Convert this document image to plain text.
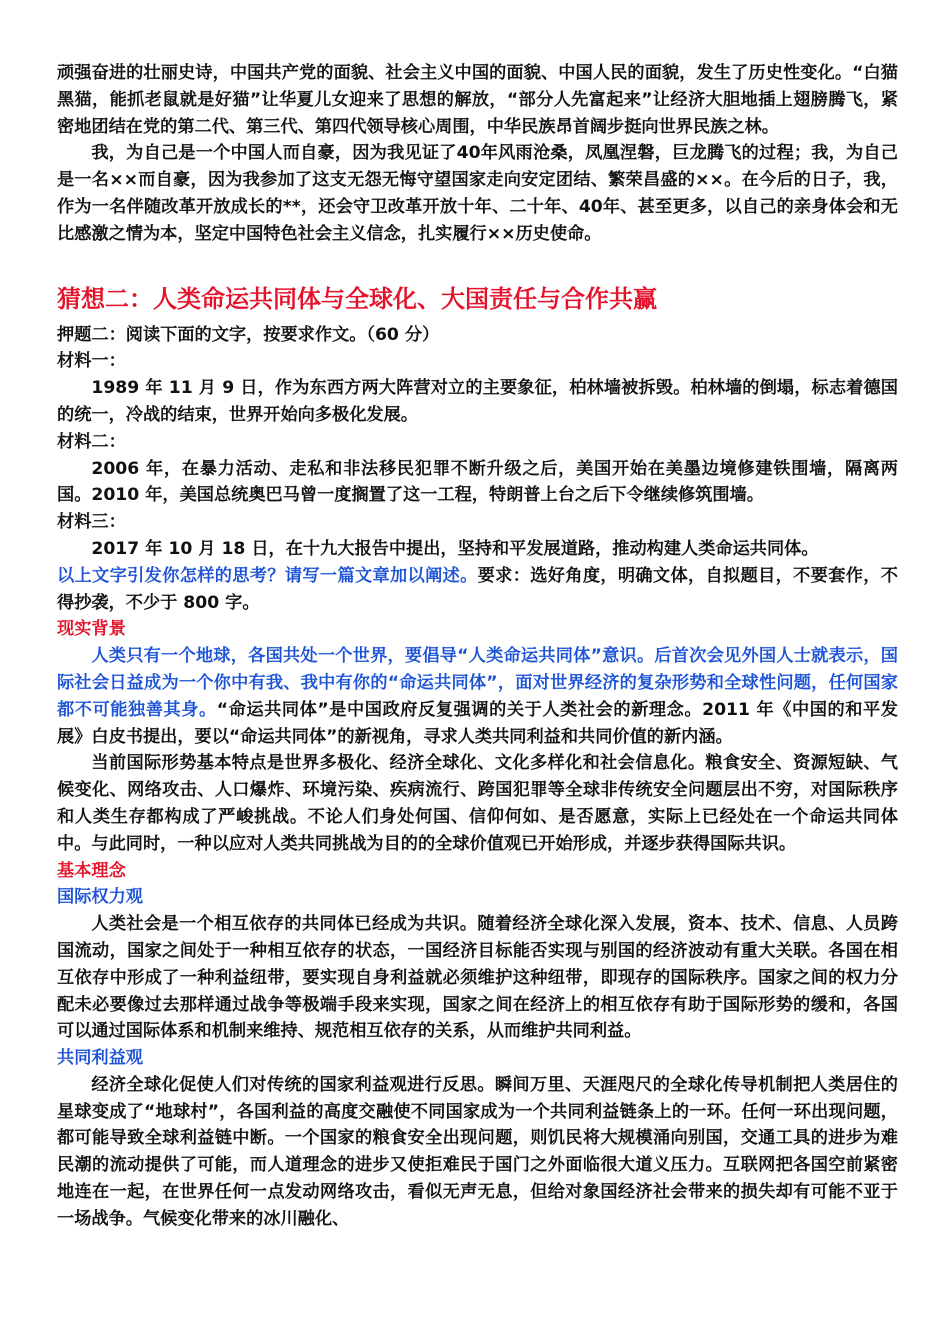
顽强奋进的壮丽史诗，中国共产党的面貌、社会主义中国的面貌、中国人民的面貌，发生了历史性变化。“白猫黑猫，能抓老鼠就是好猫”让华夏儿女迎来了思想的解放，“部分人先富起来”让经济大胆地插上翅膀腾飞，紧密地团结在党的第二代、第三代、第四代领导核心周围，中华民族昂首阔步挺向世界民族之林。

我，为自己是一个中国人而自豪，因为我见证了40年风雨沧桑，凤凰涅磐，巨龙腾飞的过程；我，为自己是一名××而自豪，因为我参加了这支无怨无悔守望国家走向安定团结、繁荣昌盛的××。在今后的日子，我，作为一名伴随改革开放成长的**，还会守卫改革开放十年、二十年、40年、甚至更多，以自己的亲身体会和无比感激之情为本，坚定中国特色社会主义信念，扎实履行××历史使命。

猜想二：人类命运共同体与全球化、大国责任与合作共赢

押题二：阅读下面的文字，按要求作文。（60 分）

材料一：

1989 年 11 月 9 日，作为东西方两大阵营对立的主要象征，柏林墙被拆毁。柏林墙的倒塌，标志着德国的统一，冷战的结束，世界开始向多极化发展。

材料二：

2006 年，在暴力活动、走私和非法移民犯罪不断升级之后，美国开始在美墨边境修建铁围墙，隔离两国。2010 年，美国总统奥巴马曾一度搁置了这一工程，特朗普上台之后下令继续修筑围墙。

材料三：

2017 年 10 月 18 日，在十九大报告中提出，坚持和平发展道路，推动构建人类命运共同体。

以上文字引发你怎样的思考？请写一篇文章加以阐述。要求：选好角度，明确文体，自拟题目，不要套作，不得抄袭，不少于 800 字。

现实背景

人类只有一个地球，各国共处一个世界，要倡导“人类命运共同体”意识。后首次会见外国人士就表示，国际社会日益成为一个你中有我、我中有你的“命运共同体”，面对世界经济的复杂形势和全球性问题，任何国家都不可能独善其身。“命运共同体”是中国政府反复强调的关于人类社会的新理念。2011 年《中国的和平发展》白皮书提出，要以“命运共同体”的新视角，寻求人类共同利益和共同价值的新内涵。

当前国际形势基本特点是世界多极化、经济全球化、文化多样化和社会信息化。粮食安全、资源短缺、气候变化、网络攻击、人口爆炸、环境污染、疾病流行、跨国犯罪等全球非传统安全问题层出不穷，对国际秩序和人类生存都构成了严峻挑战。不论人们身处何国、信仰何如、是否愿意，实际上已经处在一个命运共同体中。与此同时，一种以应对人类共同挑战为目的的全球价值观已开始形成，并逐步获得国际共识。

基本理念

国际权力观

人类社会是一个相互依存的共同体已经成为共识。随着经济全球化深入发展，资本、技术、信息、人员跨国流动，国家之间处于一种相互依存的状态，一国经济目标能否实现与别国的经济波动有重大关联。各国在相互依存中形成了一种利益纽带，要实现自身利益就必须维护这种纽带，即现存的国际秩序。国家之间的权力分配未必要像过去那样通过战争等极端手段来实现，国家之间在经济上的相互依存有助于国际形势的缓和，各国可以通过国际体系和机制来维持、规范相互依存的关系，从而维护共同利益。

共同利益观

经济全球化促使人们对传统的国家利益观进行反思。瞬间万里、天涯咫尺的全球化传导机制把人类居住的星球变成了“地球村”，各国利益的高度交融使不同国家成为一个共同利益链条上的一环。任何一环出现问题，都可能导致全球利益链中断。一个国家的粮食安全出现问题，则饥民将大规模涌向别国，交通工具的进步为难民潮的流动提供了可能，而人道理念的进步又使拒难民于国门之外面临很大道义压力。互联网把各国空前紧密地连在一起，在世界任何一点发动网络攻击，看似无声无息，但给对象国经济社会带来的损失却有可能不亚于一场战争。气候变化带来的冰川融化、
